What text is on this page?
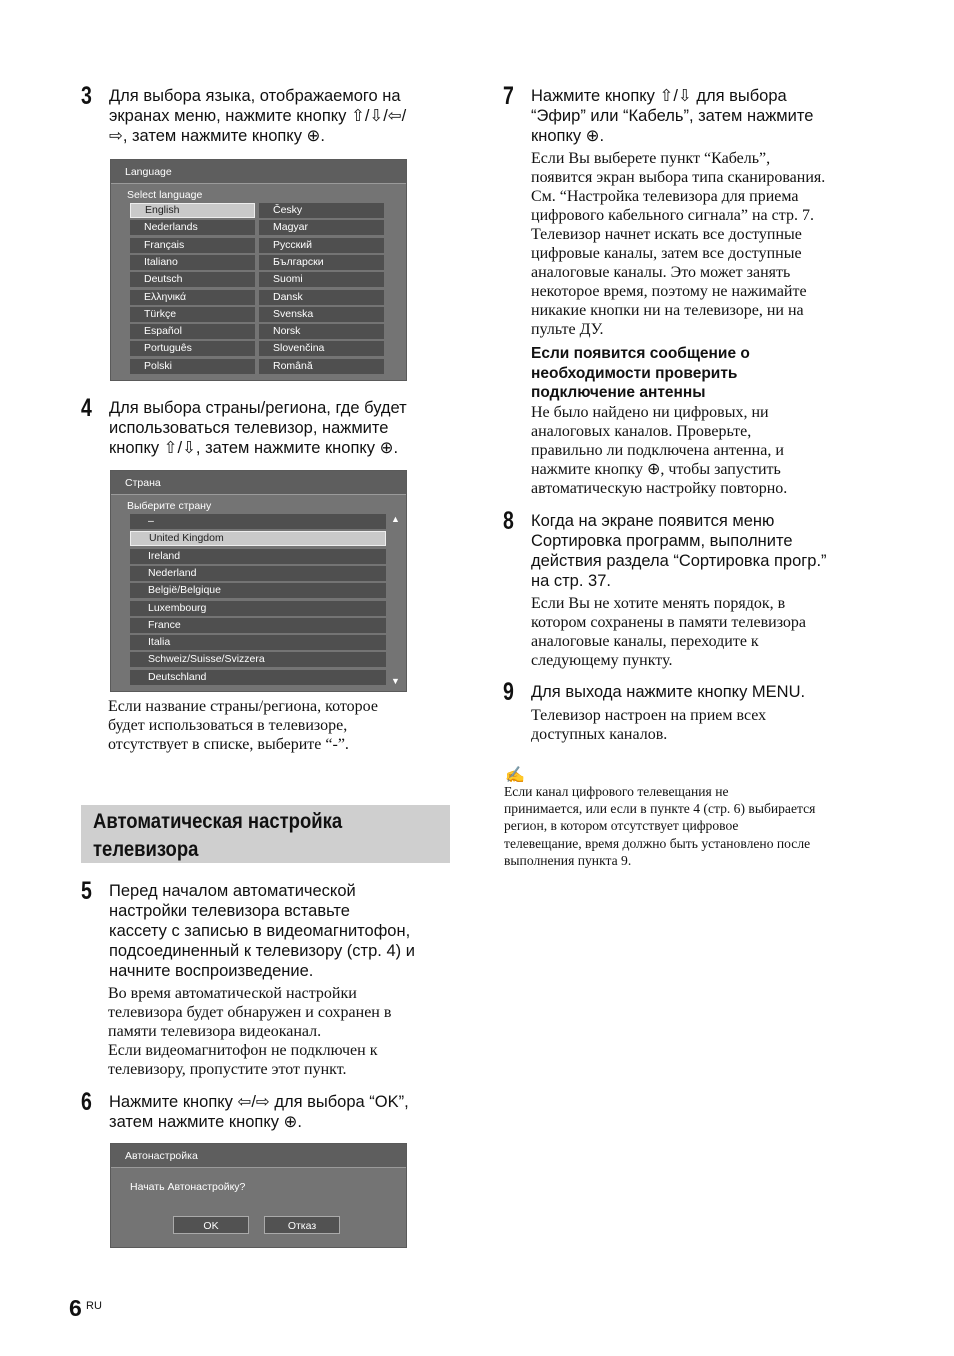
3 Для выбора языка, отображаемого на
экранах меню, нажмите кнопку ⇧/⇩/⇦/
⇨, затем нажмите кнопку ⊕.
Language
Select language
English
Nederlands
Français
Italiano
Deutsch
Ελληνικά
Türkçe
Español
Português
Polski
Česky
Magyar
Русский
Български
Suomi
Dansk
Svenska
Norsk
Slovenčina
Română
4 Для выбора страны/региона, где будет
использоваться телевизор, нажмите
кнопку ⇧/⇩, затем нажмите кнопку ⊕.
Страна
Выберите страну
–
United Kingdom
Ireland
Nederland
België/Belgique
Luxembourg
France
Italia
Schweiz/Suisse/Svizzera
Deutschland
▲
▼
Если название страны/региона, которое
будет использоваться в телевизоре,
отсутствует в списке, выберите “-”.
Автоматическая настройка
телевизора
5 Перед началом автоматической
настройки телевизора вставьте
кассету с записью в видеомагнитофон,
подсоединенный к телевизору (стр. 4) и
начните воспроизведение.
Во время автоматической настройки
телевизора будет обнаружен и сохранен в
памяти телевизора видеоканал.
Если видеомагнитофон не подключен к
телевизору, пропустите этот пункт.
6 Нажмите кнопку ⇦/⇨ для выбора “OK”,
затем нажмите кнопку ⊕.
Автонастройка
Начать Автонастройку?
OK	Отказ
7 Нажмите кнопку ⇧/⇩ для выбора
“Эфир” или “Кабель”, затем нажмите
кнопку ⊕.
Если Вы выберете пункт “Кабель”,
появится экран выбора типа сканирования.
См. “Настройка телевизора для приема
цифрового кабельного сигнала” на стр. 7.
Телевизор начнет искать все доступные
цифровые каналы, затем все доступные
аналоговые каналы. Это может занять
некоторое время, поэтому не нажимайте
никакие кнопки ни на телевизоре, ни на
пульте ДУ.
Если появится сообщение о
необходимости проверить
подключение антенны
Не было найдено ни цифровых, ни
аналоговых каналов. Проверьте,
правильно ли подключена антенна, и
нажмите кнопку ⊕, чтобы запустить
автоматическую настройку повторно.
8 Когда на экране появится меню
Сортировка программ, выполните
действия раздела “Сортировка прогр.”
на стр. 37.
Если Вы не хотите менять порядок, в
котором сохранены в памяти телевизора
аналоговые каналы, переходите к
следующему пункту.
9 Для выхода нажмите кнопку MENU.
Телевизор настроен на прием всех
доступных каналов.
✍
Если канал цифрового телевещания не
принимается, или если в пункте 4 (стр. 6) выбирается
регион, в котором отсутствует цифровое
телевещание, время должно быть установлено после
выполнения пункта 9.
6 RU
